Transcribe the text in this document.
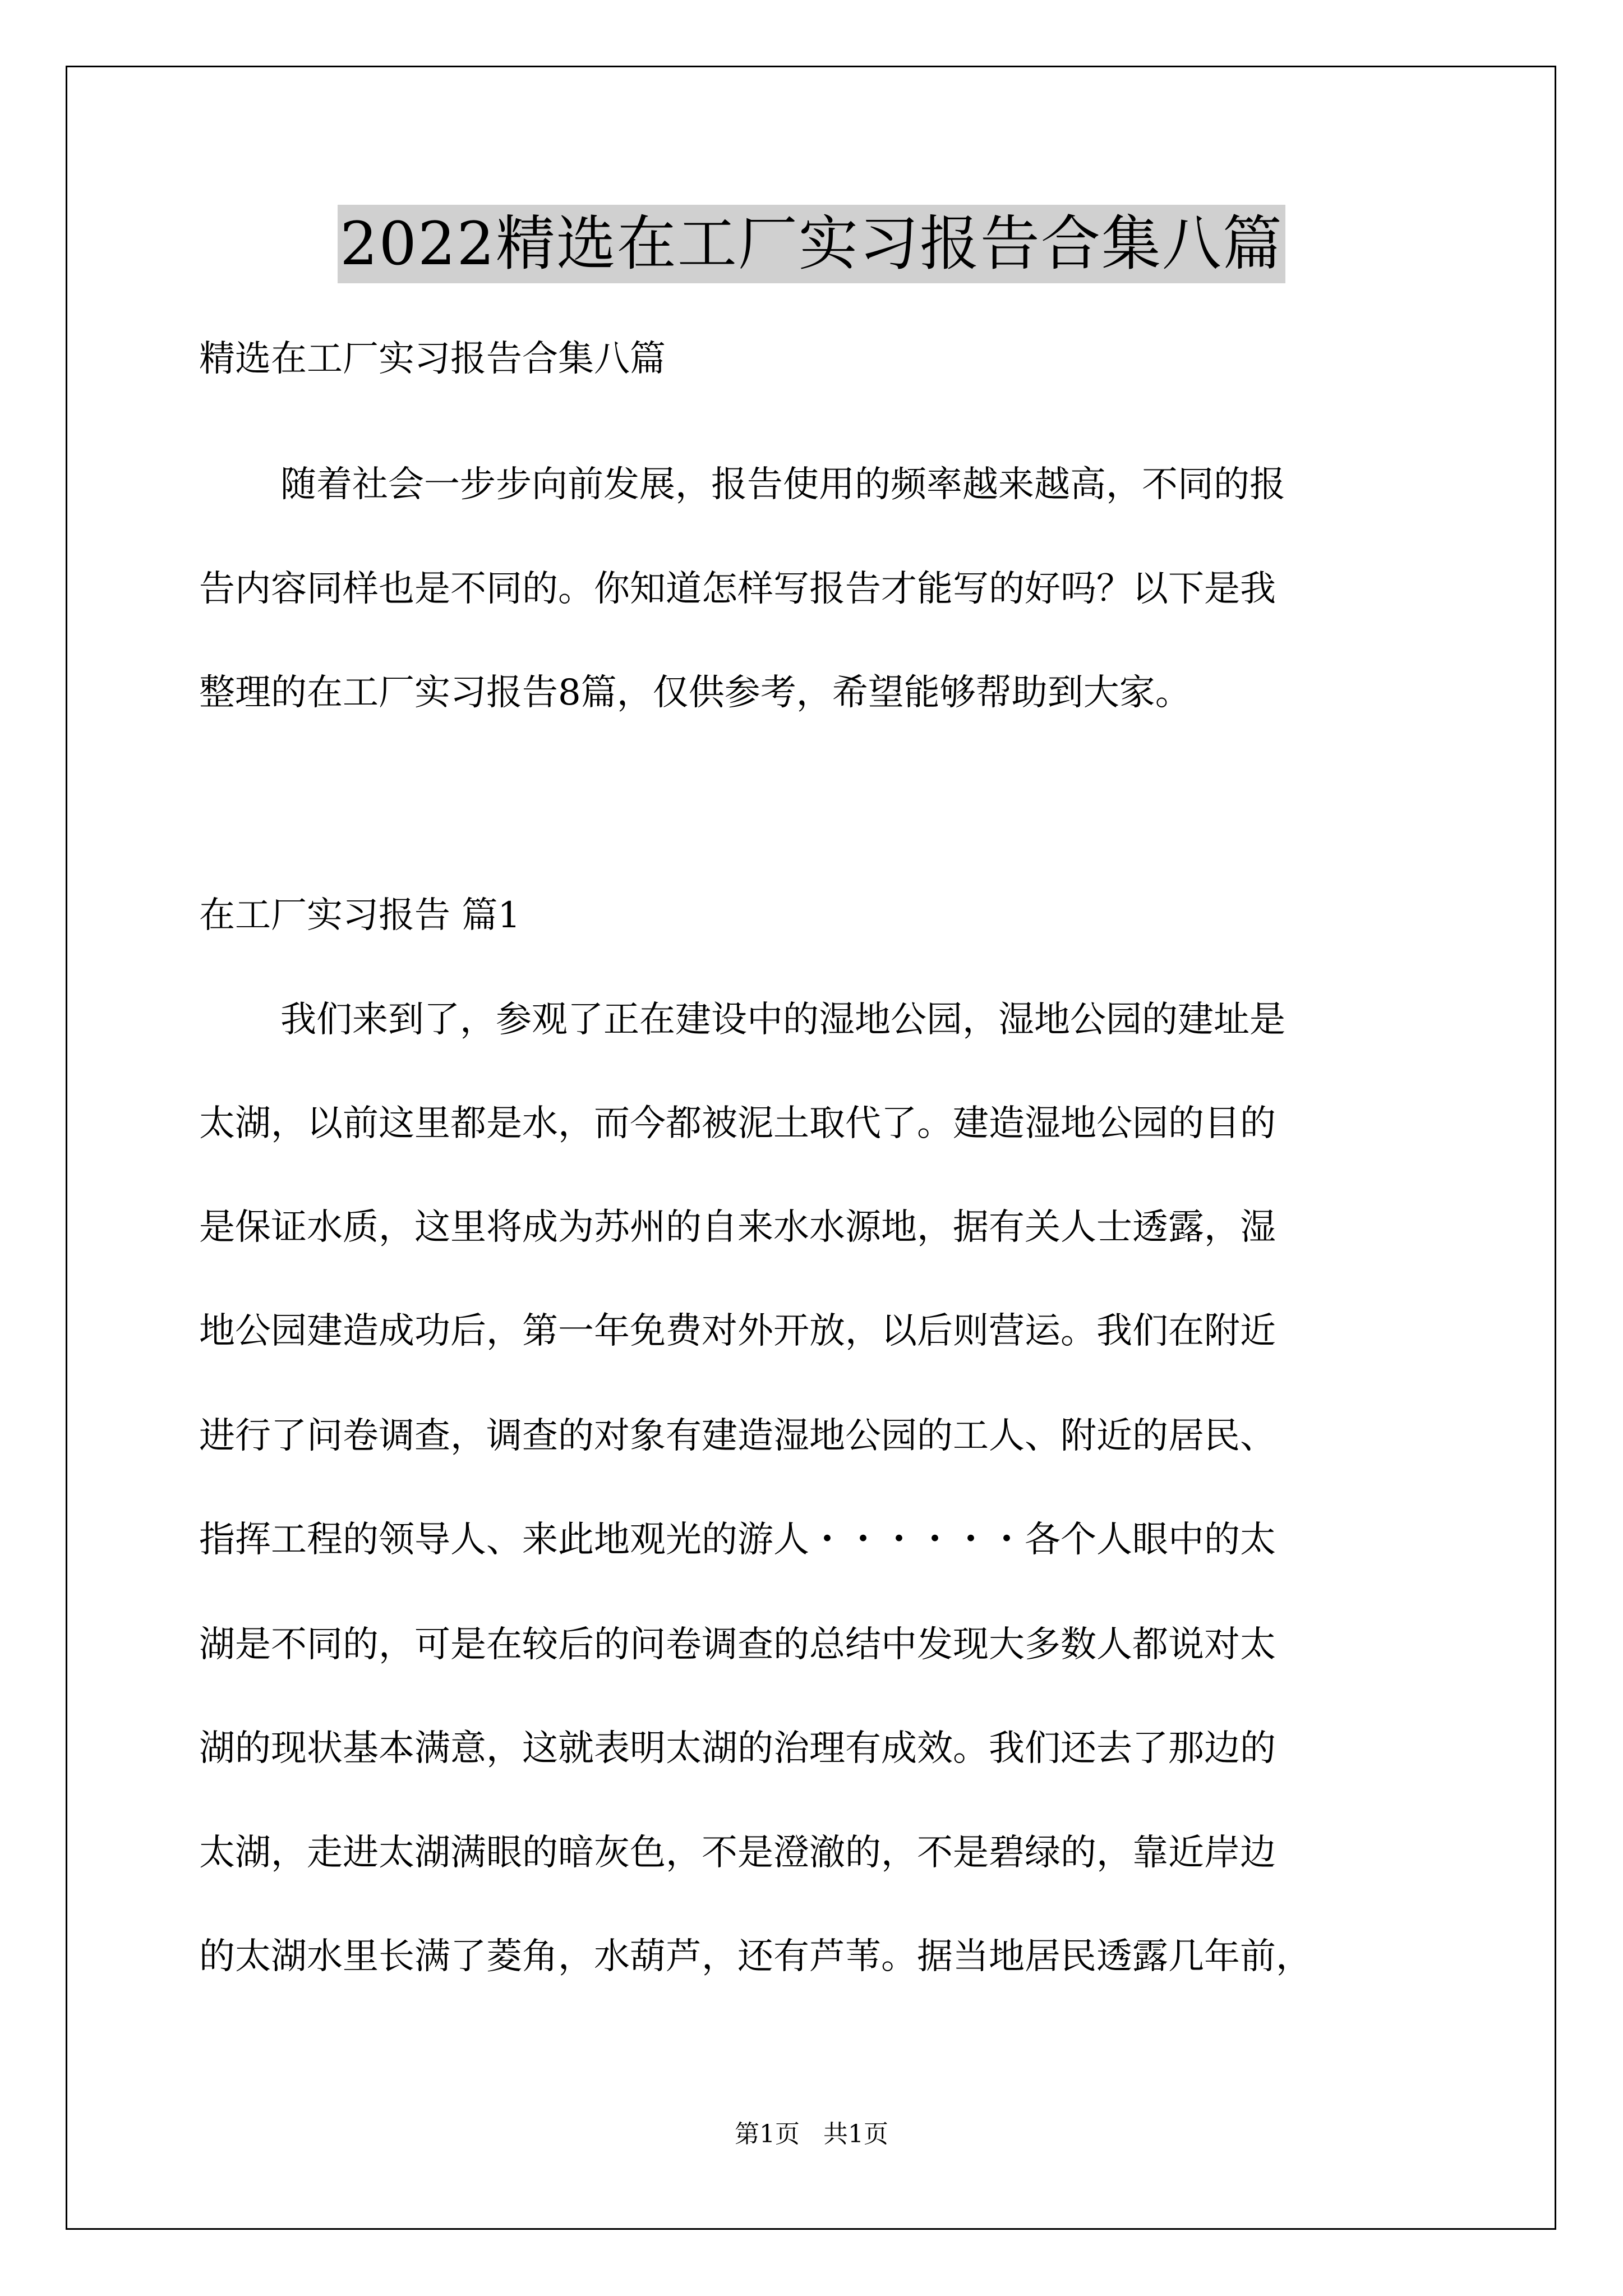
2022精选在工厂实习报告合集八篇

精选在工厂实习报告合集八篇

随着社会一步步向前发展，报告使用的频率越来越高，不同的报

告内容同样也是不同的。你知道怎样写报告才能写的好吗？以下是我

整理的在工厂实习报告8篇，仅供参考，希望能够帮助到大家。

在工厂实习报告 篇1

我们来到了，参观了正在建设中的湿地公园，湿地公园的建址是

太湖，以前这里都是水，而今都被泥土取代了。建造湿地公园的目的

是保证水质，这里将成为苏州的自来水水源地，据有关人士透露，湿

地公园建造成功后，第一年免费对外开放，以后则营运。我们在附近

进行了问卷调查，调查的对象有建造湿地公园的工人、附近的居民、

指挥工程的领导人、来此地观光的游人・・・・・・各个人眼中的太

湖是不同的，可是在较后的问卷调查的总结中发现大多数人都说对太

湖的现状基本满意，这就表明太湖的治理有成效。我们还去了那边的

太湖，走进太湖满眼的暗灰色，不是澄澈的，不是碧绿的，靠近岸边

的太湖水里长满了菱角，水葫芦，还有芦苇。据当地居民透露几年前，

第1页   共1页
